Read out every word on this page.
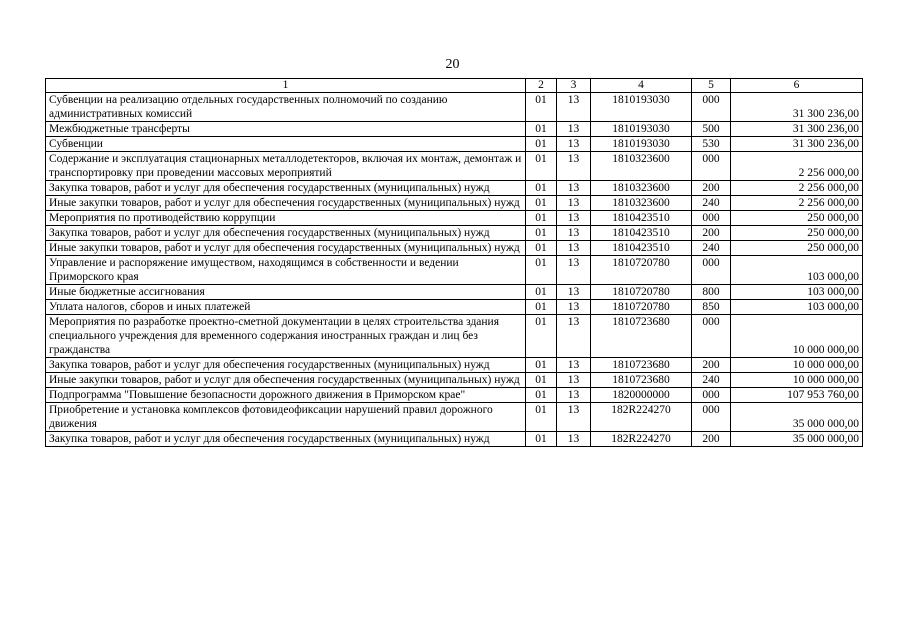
20
1	2	3	4	5	6
Субвенции на реализацию отдельных государственных полномочий по созданию административных комиссий	01	13	1810193030	000	31 300 236,00
Межбюджетные трансферты	01	13	1810193030	500	31 300 236,00
Субвенции	01	13	1810193030	530	31 300 236,00
Содержание и эксплуатация стационарных металлодетекторов, включая их монтаж, демонтаж и транспортировку при проведении массовых мероприятий	01	13	1810323600	000	2 256 000,00
Закупка товаров, работ и услуг для обеспечения государственных (муниципальных) нужд	01	13	1810323600	200	2 256 000,00
Иные закупки товаров, работ и услуг для обеспечения государственных (муниципальных) нужд	01	13	1810323600	240	2 256 000,00
Мероприятия по противодействию коррупции	01	13	1810423510	000	250 000,00
Закупка товаров, работ и услуг для обеспечения государственных (муниципальных) нужд	01	13	1810423510	200	250 000,00
Иные закупки товаров, работ и услуг для обеспечения государственных (муниципальных) нужд	01	13	1810423510	240	250 000,00
Управление и распоряжение имуществом, находящимся в собственности и ведении Приморского края	01	13	1810720780	000	103 000,00
Иные бюджетные ассигнования	01	13	1810720780	800	103 000,00
Уплата налогов, сборов и иных платежей	01	13	1810720780	850	103 000,00
Мероприятия по разработке проектно-сметной документации в целях строительства здания специального учреждения для временного содержания иностранных граждан и лиц без гражданства	01	13	1810723680	000	10 000 000,00
Закупка товаров, работ и услуг для обеспечения государственных (муниципальных) нужд	01	13	1810723680	200	10 000 000,00
Иные закупки товаров, работ и услуг для обеспечения государственных (муниципальных) нужд	01	13	1810723680	240	10 000 000,00
Подпрограмма "Повышение безопасности дорожного движения в Приморском крае"	01	13	1820000000	000	107 953 760,00
Приобретение и установка комплексов фотовидеофиксации нарушений правил дорожного движения	01	13	182R224270	000	35 000 000,00
Закупка товаров, работ и услуг для обеспечения государственных (муниципальных) нужд	01	13	182R224270	200	35 000 000,00
